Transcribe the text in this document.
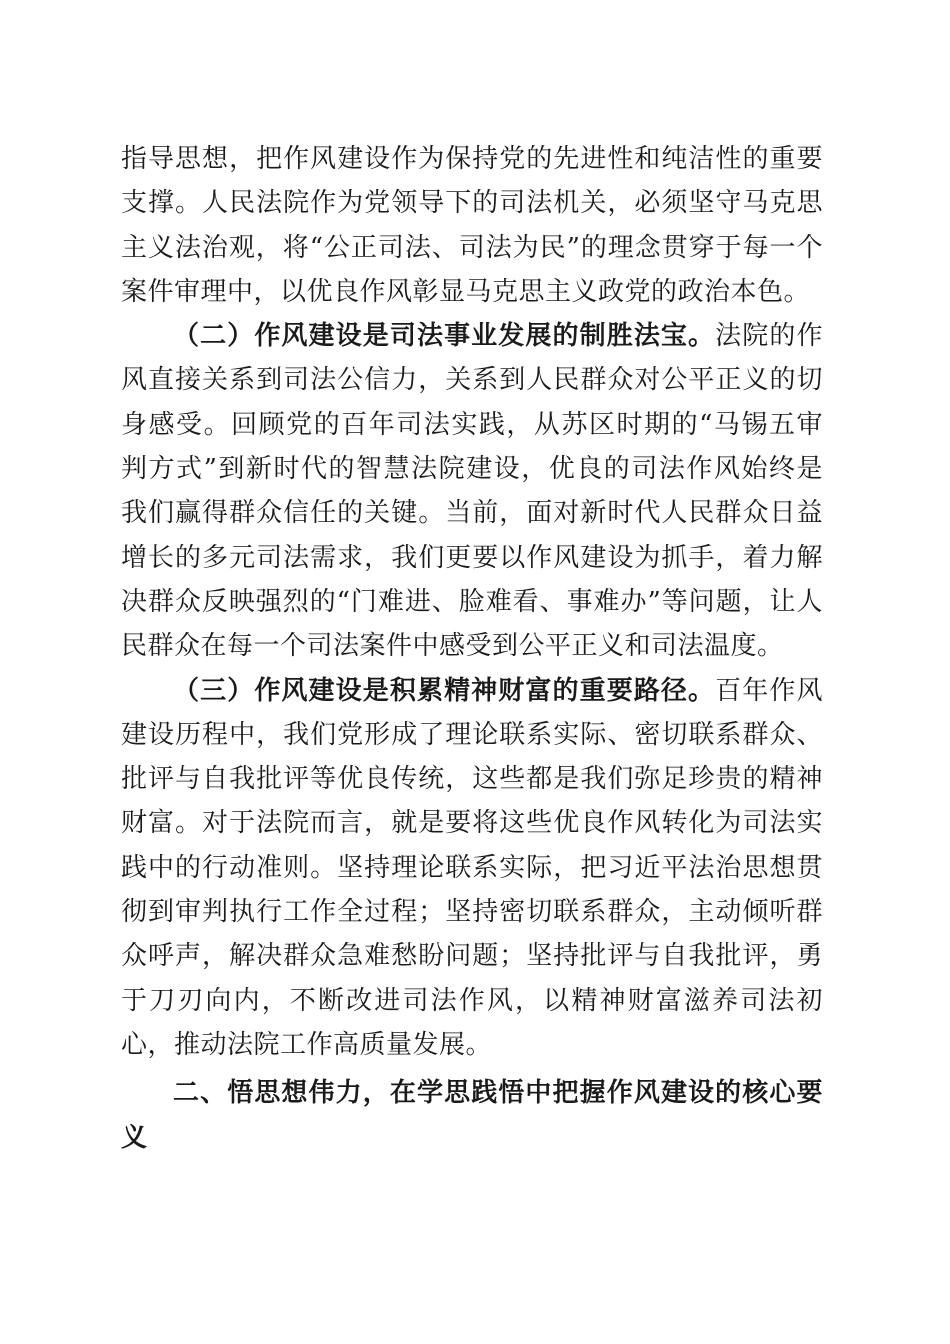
指导思想，把作风建设作为保持党的先进性和纯洁性的重要支撑。人民法院作为党领导下的司法机关，必须坚守马克思主义法治观，将“公正司法、司法为民”的理念贯穿于每一个案件审理中，以优良作风彰显马克思主义政党的政治本色。

（二）作风建设是司法事业发展的制胜法宝。法院的作风直接关系到司法公信力，关系到人民群众对公平正义的切身感受。回顾党的百年司法实践，从苏区时期的“马锡五审判方式”到新时代的智慧法院建设，优良的司法作风始终是我们赢得群众信任的关键。当前，面对新时代人民群众日益增长的多元司法需求，我们更要以作风建设为抓手，着力解决群众反映强烈的“门难进、脸难看、事难办”等问题，让人民群众在每一个司法案件中感受到公平正义和司法温度。

（三）作风建设是积累精神财富的重要路径。百年作风建设历程中，我们党形成了理论联系实际、密切联系群众、批评与自我批评等优良传统，这些都是我们弥足珍贵的精神财富。对于法院而言，就是要将这些优良作风转化为司法实践中的行动准则。坚持理论联系实际，把习近平法治思想贯彻到审判执行工作全过程；坚持密切联系群众，主动倾听群众呼声，解决群众急难愁盼问题；坚持批评与自我批评，勇于刀刃向内，不断改进司法作风，以精神财富滋养司法初心，推动法院工作高质量发展。

二、悟思想伟力，在学思践悟中把握作风建设的核心要义
